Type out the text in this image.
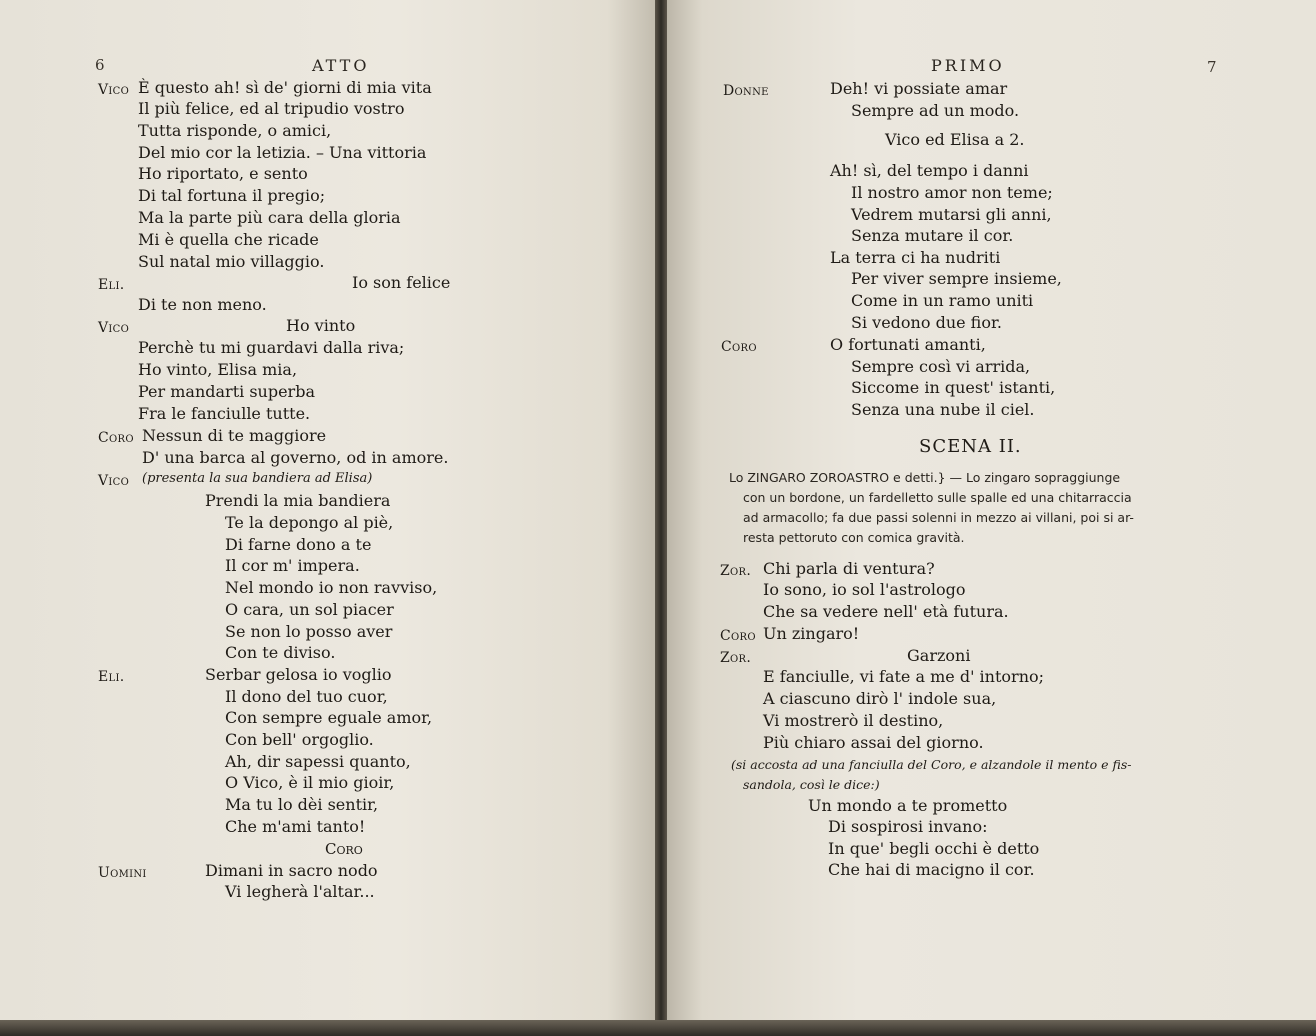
6	ATTO
Vico È questo ah! sì de' giorni di mia vita
Il più felice, ed al tripudio vostro
Tutta risponde, o amici,
Del mio cor la letizia. – Una vittoria
Ho riportato, e sento
Di tal fortuna il pregio;
Ma la parte più cara della gloria
Mi è quella che ricade
Sul natal mio villaggio.
Eli.	Io son felice
Di te non meno.
Vico	Ho vinto
Perchè tu mi guardavi dalla riva;
Ho vinto, Elisa mia,
Per mandarti superba
Fra le fanciulle tutte.
Coro Nessun di te maggiore
D' una barca al governo, od in amore.
Vico (presenta la sua bandiera ad Elisa)
Prendi la mia bandiera
Te la depongo al piè,
Di farne dono a te
Il cor m' impera.
Nel mondo io non ravviso,
O cara, un sol piacer
Se non lo posso aver
Con te diviso.
Eli.	Serbar gelosa io voglio
Il dono del tuo cuor,
Con sempre eguale amor,
Con bell' orgoglio.
Ah, dir sapessi quanto,
O Vico, è il mio gioir,
Ma tu lo dèi sentir,
Che m'ami tanto!
Coro
Uomini	Dimani in sacro nodo
Vi legherà l'altar...
PRIMO	7
Donne	Deh! vi possiate amar
Sempre ad un modo.
Vico ed Elisa a 2.
Ah! sì, del tempo i danni
Il nostro amor non teme;
Vedrem mutarsi gli anni,
Senza mutare il cor.
La terra ci ha nudriti
Per viver sempre insieme,
Come in un ramo uniti
Si vedono due fior.
Coro	O fortunati amanti,
Sempre così vi arrida,
Siccome in quest' istanti,
Senza una nube il ciel.
SCENA II.
Lo ZINGARO ZOROASTRO e detti.} — Lo zingaro sopraggiunge
con un bordone, un fardelletto sulle spalle ed una chitarraccia
ad armacollo; fa due passi solenni in mezzo ai villani, poi si ar-
resta pettoruto con comica gravità.
Zor. Chi parla di ventura?
Io sono, io sol l'astrologo
Che sa vedere nell' età futura.
Coro Un zingaro!
Zor.	Garzoni
E fanciulle, vi fate a me d' intorno;
A ciascuno dirò l' indole sua,
Vi mostrerò il destino,
Più chiaro assai del giorno.
(si accosta ad una fanciulla del Coro, e alzandole il mento e fis-
sandola, così le dice:)
Un mondo a te prometto
Di sospirosi invano:
In que' begli occhi è detto
Che hai di macigno il cor.
